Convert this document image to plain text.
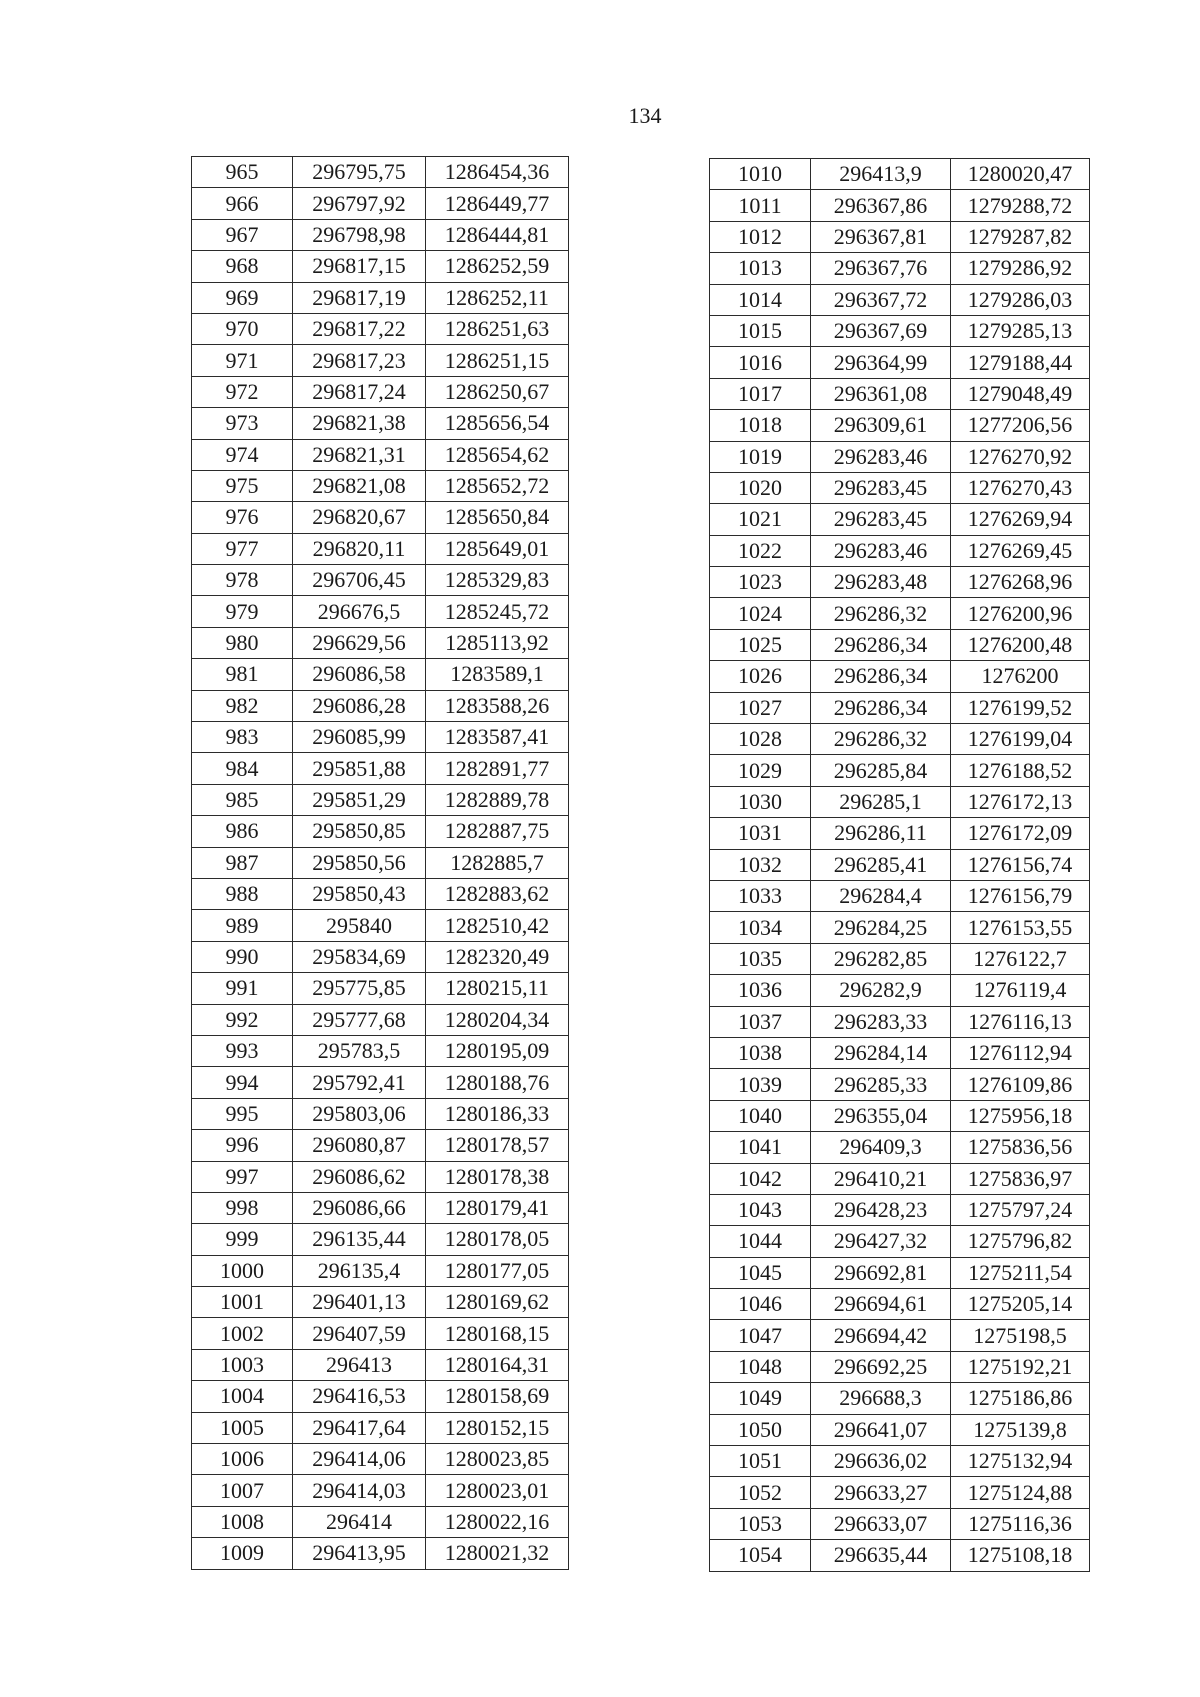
134
965	296795,75	1286454,36
966	296797,92	1286449,77
967	296798,98	1286444,81
968	296817,15	1286252,59
969	296817,19	1286252,11
970	296817,22	1286251,63
971	296817,23	1286251,15
972	296817,24	1286250,67
973	296821,38	1285656,54
974	296821,31	1285654,62
975	296821,08	1285652,72
976	296820,67	1285650,84
977	296820,11	1285649,01
978	296706,45	1285329,83
979	296676,5	1285245,72
980	296629,56	1285113,92
981	296086,58	1283589,1
982	296086,28	1283588,26
983	296085,99	1283587,41
984	295851,88	1282891,77
985	295851,29	1282889,78
986	295850,85	1282887,75
987	295850,56	1282885,7
988	295850,43	1282883,62
989	295840	1282510,42
990	295834,69	1282320,49
991	295775,85	1280215,11
992	295777,68	1280204,34
993	295783,5	1280195,09
994	295792,41	1280188,76
995	295803,06	1280186,33
996	296080,87	1280178,57
997	296086,62	1280178,38
998	296086,66	1280179,41
999	296135,44	1280178,05
1000	296135,4	1280177,05
1001	296401,13	1280169,62
1002	296407,59	1280168,15
1003	296413	1280164,31
1004	296416,53	1280158,69
1005	296417,64	1280152,15
1006	296414,06	1280023,85
1007	296414,03	1280023,01
1008	296414	1280022,16
1009	296413,95	1280021,32
1010	296413,9	1280020,47
1011	296367,86	1279288,72
1012	296367,81	1279287,82
1013	296367,76	1279286,92
1014	296367,72	1279286,03
1015	296367,69	1279285,13
1016	296364,99	1279188,44
1017	296361,08	1279048,49
1018	296309,61	1277206,56
1019	296283,46	1276270,92
1020	296283,45	1276270,43
1021	296283,45	1276269,94
1022	296283,46	1276269,45
1023	296283,48	1276268,96
1024	296286,32	1276200,96
1025	296286,34	1276200,48
1026	296286,34	1276200
1027	296286,34	1276199,52
1028	296286,32	1276199,04
1029	296285,84	1276188,52
1030	296285,1	1276172,13
1031	296286,11	1276172,09
1032	296285,41	1276156,74
1033	296284,4	1276156,79
1034	296284,25	1276153,55
1035	296282,85	1276122,7
1036	296282,9	1276119,4
1037	296283,33	1276116,13
1038	296284,14	1276112,94
1039	296285,33	1276109,86
1040	296355,04	1275956,18
1041	296409,3	1275836,56
1042	296410,21	1275836,97
1043	296428,23	1275797,24
1044	296427,32	1275796,82
1045	296692,81	1275211,54
1046	296694,61	1275205,14
1047	296694,42	1275198,5
1048	296692,25	1275192,21
1049	296688,3	1275186,86
1050	296641,07	1275139,8
1051	296636,02	1275132,94
1052	296633,27	1275124,88
1053	296633,07	1275116,36
1054	296635,44	1275108,18
